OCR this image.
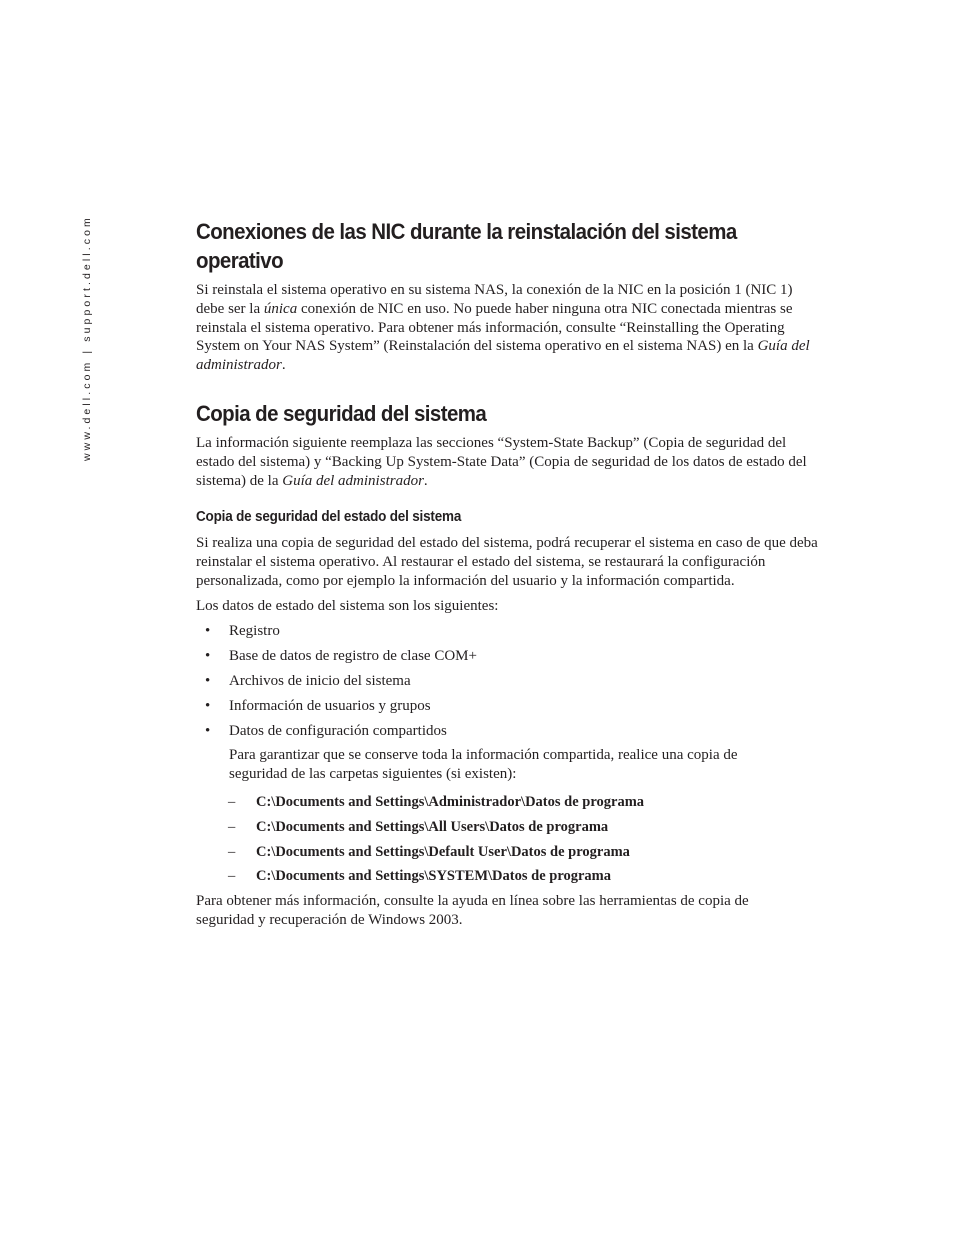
www.dell.com | support.dell.com	Conexiones de las NIC durante la reinstalación del sistema operativo

Si reinstala el sistema operativo en su sistema NAS, la conexión de la NIC en la posición 1 (NIC 1) debe ser la única conexión de NIC en uso. No puede haber ninguna otra NIC conectada mientras se reinstala el sistema operativo. Para obtener más información, consulte “Reinstalling the Operating System on Your NAS System” (Reinstalación del sistema operativo en el sistema NAS) en la Guía del administrador.

Copia de seguridad del sistema

La información siguiente reemplaza las secciones “System-State Backup” (Copia de seguridad del estado del sistema) y “Backing Up System-State Data” (Copia de seguridad de los datos de estado del sistema) de la Guía del administrador.

Copia de seguridad del estado del sistema

Si realiza una copia de seguridad del estado del sistema, podrá recuperar el sistema en caso de que deba reinstalar el sistema operativo. Al restaurar el estado del sistema, se restaurará la configuración personalizada, como por ejemplo la información del usuario y la información compartida.

Los datos de estado del sistema son los siguientes:

• Registro
• Base de datos de registro de clase COM+
• Archivos de inicio del sistema
• Información de usuarios y grupos
• Datos de configuración compartidos

Para garantizar que se conserve toda la información compartida, realice una copia de seguridad de las carpetas siguientes (si existen):

– C:\Documents and Settings\Administrador\Datos de programa
– C:\Documents and Settings\All Users\Datos de programa
– C:\Documents and Settings\Default User\Datos de programa
– C:\Documents and Settings\SYSTEM\Datos de programa

Para obtener más información, consulte la ayuda en línea sobre las herramientas de copia de seguridad y recuperación de Windows 2003.
